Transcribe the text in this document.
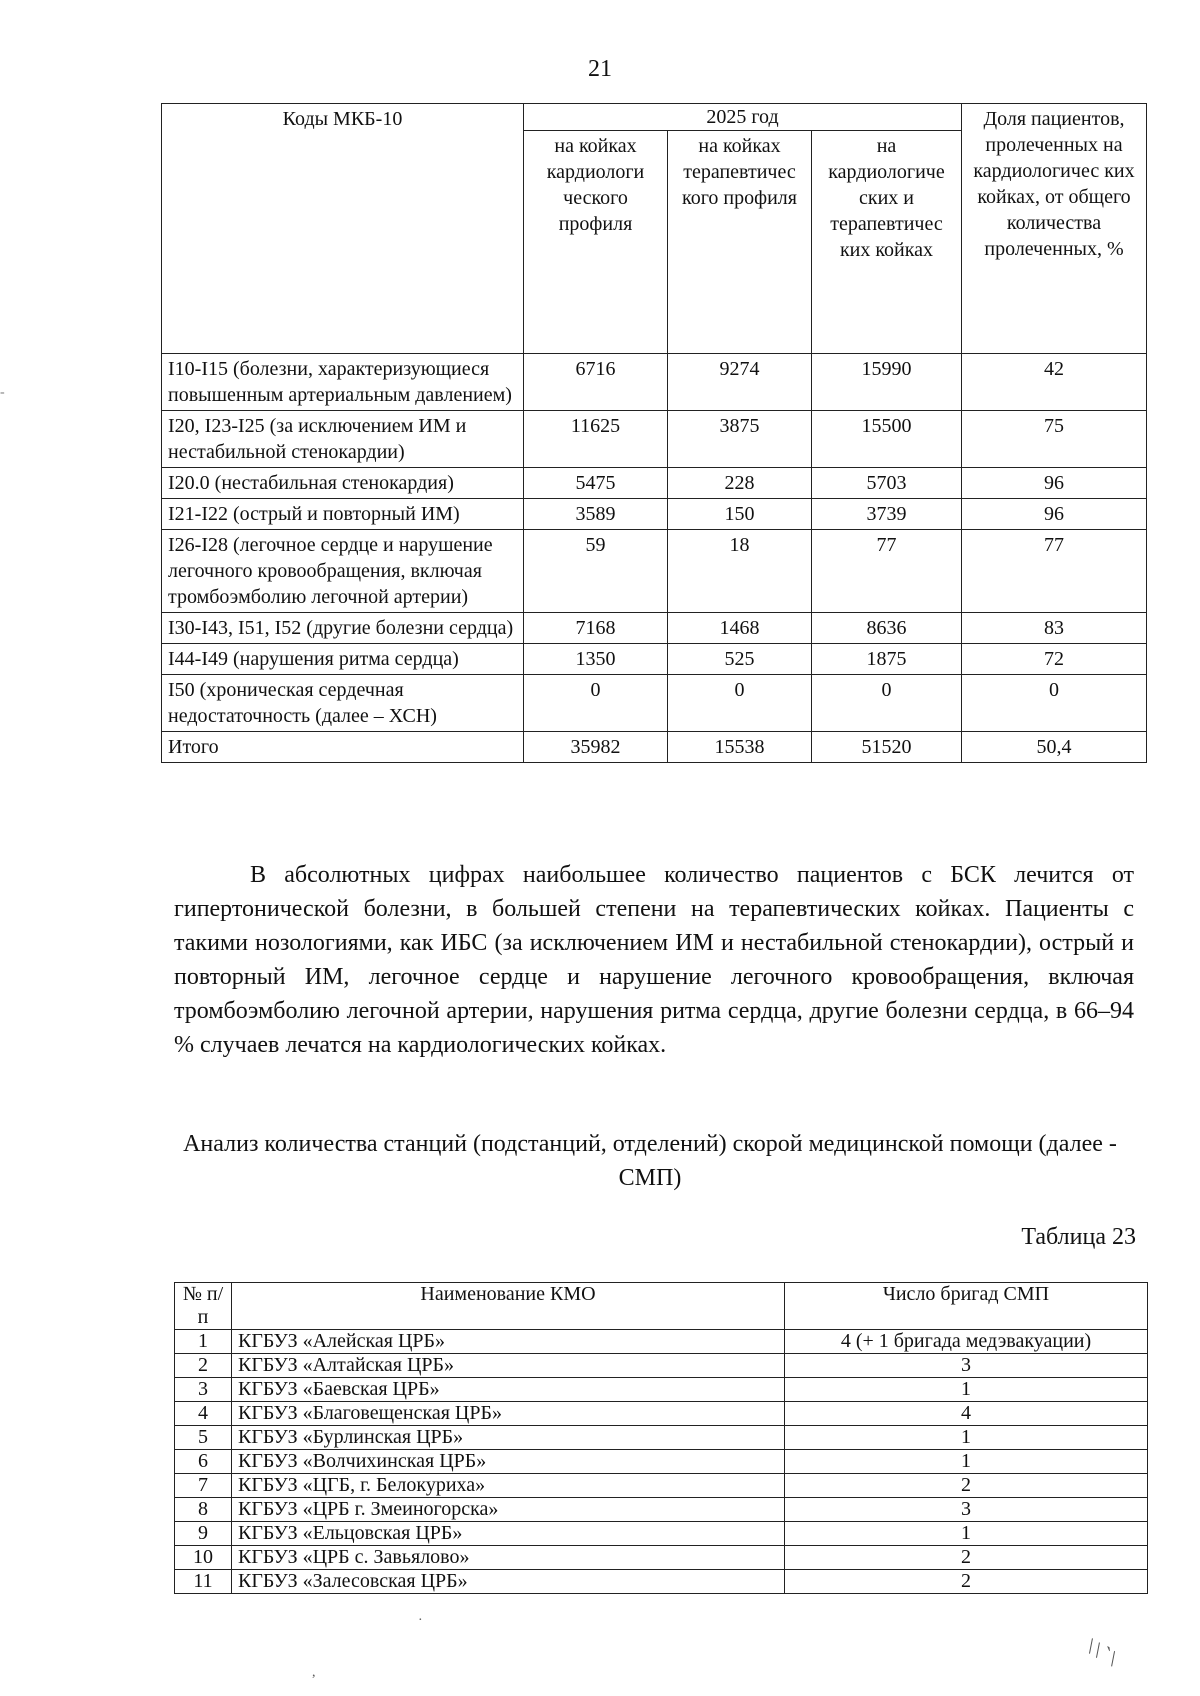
21
Коды МКБ-10	2025 год			Доля пациентов, пролеченных на кардиологичес ких койках, от общего количества пролеченных, %
	на койках кардиологи ческого профиля	на койках терапевтичес кого профиля	на кардиологиче ских и терапевтичес ких койках	
I10-I15 (болезни, характеризующиеся повышенным артериальным давлением)	6716	9274	15990	42
I20, I23-I25 (за исключением ИМ и нестабильной стенокардии)	11625	3875	15500	75
I20.0 (нестабильная стенокардия)	5475	228	5703	96
I21-I22 (острый и повторный ИМ)	3589	150	3739	96
I26-I28 (легочное сердце и нарушение легочного кровообращения, включая тромбоэмболию легочной артерии)	59	18	77	77
I30-I43, I51, I52 (другие болезни сердца)	7168	1468	8636	83
I44-I49 (нарушения ритма сердца)	1350	525	1875	72
I50 (хроническая сердечная недостаточность (далее – ХСН)	0	0	0	0
Итого	35982	15538	51520	50,4

В абсолютных цифрах наибольшее количество пациентов с БСК лечится от гипертонической болезни, в большей степени на терапевтических койках. Пациенты с такими нозологиями, как ИБС (за исключением ИМ и нестабильной стенокардии), острый и повторный ИМ, легочное сердце и нарушение легочного кровообращения, включая тромбоэмболию легочной артерии, нарушения ритма сердца, другие болезни сердца, в 66–94 % случаев лечатся на кардиологических койках.

Анализ количества станций (подстанций, отделений) скорой медицинской помощи (далее - СМП)

Таблица 23
№ п/п	Наименование КМО	Число бригад СМП
1	КГБУЗ «Алейская ЦРБ»	4 (+ 1 бригада медэвакуации)
2	КГБУЗ «Алтайская ЦРБ»	3
3	КГБУЗ «Баевская ЦРБ»	1
4	КГБУЗ «Благовещенская ЦРБ»	4
5	КГБУЗ «Бурлинская ЦРБ»	1
6	КГБУЗ «Волчихинская ЦРБ»	1
7	КГБУЗ «ЦГБ, г. Белокуриха»	2
8	КГБУЗ «ЦРБ г. Змеиногорска»	3
9	КГБУЗ «Ельцовская ЦРБ»	1
10	КГБУЗ «ЦРБ с. Завьялово»	2
11	КГБУЗ «Залесовская ЦРБ»	2
-
·
\\`\
,
